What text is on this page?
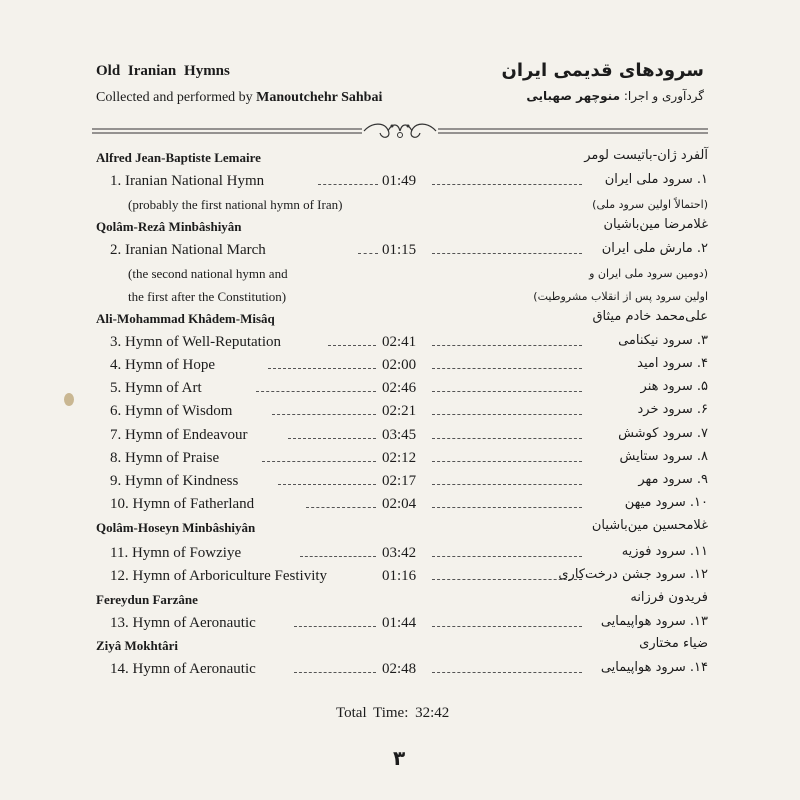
Old Iranian Hymns
Collected and performed by Manoutchehr Sahbai
سرودهای قدیمی ایران
گردآوری و اجرا: منوچهر صهبایی
Alfred Jean-Baptiste Lemaire	آلفرد ژان-باتیست لومر
1. Iranian National Hymn	01:49	۱. سرود ملی ایران
(probably the first national hymn of Iran)	(احتمالاً اولین سرود ملی)
Qolâm-Rezâ Minbâshiyân	غلامرضا مین‌باشیان
2. Iranian National March	01:15	۲. مارش ملی ایران
(the second national hymn and	(دومین سرود ملی ایران و
the first after the Constitution)	اولین سرود پس از انقلاب مشروطیت)
Ali-Mohammad Khâdem-Misâq	علی‌محمد خادم میثاق
3. Hymn of Well-Reputation	02:41	۳. سرود نیکنامی
4. Hymn of Hope	02:00	۴. سرود امید
5. Hymn of Art	02:46	۵. سرود هنر
6. Hymn of Wisdom	02:21	۶. سرود خرد
7. Hymn of Endeavour	03:45	۷. سرود کوشش
8. Hymn of Praise	02:12	۸. سرود ستایش
9. Hymn of Kindness	02:17	۹. سرود مهر
10. Hymn of Fatherland	02:04	۱۰. سرود میهن
Qolâm-Hoseyn Minbâshiyân	غلامحسین مین‌باشیان
11. Hymn of Fowziye	03:42	۱۱. سرود فوزیه
12. Hymn of Arboriculture Festivity	01:16	۱۲. سرود جشن درخت‌کاری
Fereydun Farzâne	فریدون فرزانه
13. Hymn of Aeronautic	01:44	۱۳. سرود هواپیمایی
Ziyâ Mokhtâri	ضیاء مختاری
14. Hymn of Aeronautic	02:48	۱۴. سرود هواپیمایی
Total Time: 32:42
۳
